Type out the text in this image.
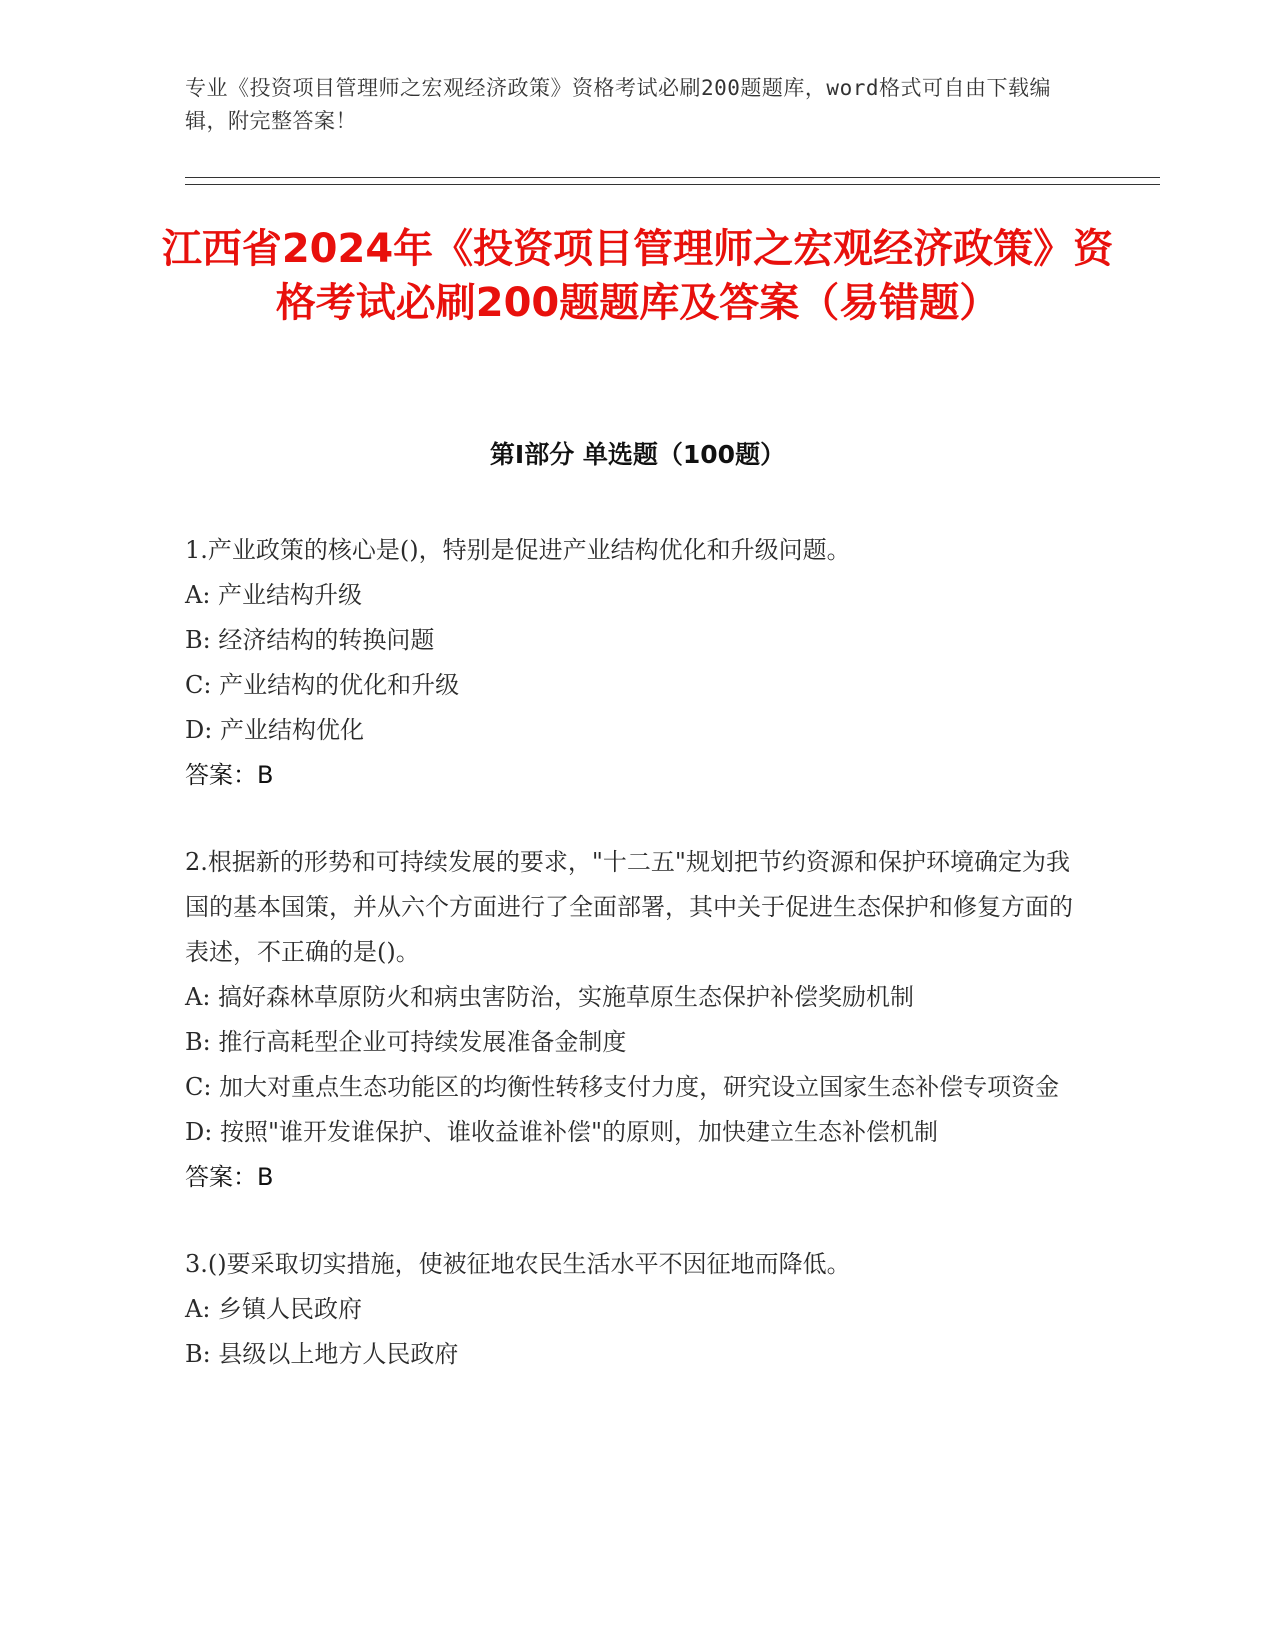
专业《投资项目管理师之宏观经济政策》资格考试必刷200题题库，word格式可自由下载编辑，附完整答案！
江西省2024年《投资项目管理师之宏观经济政策》资格考试必刷200题题库及答案（易错题）
第Ⅰ部分 单选题（100题）

1.产业政策的核心是()，特别是促进产业结构优化和升级问题。

A: 产业结构升级

B: 经济结构的转换问题

C: 产业结构的优化和升级

D: 产业结构优化

答案：B

2.根据新的形势和可持续发展的要求，"十二五"规划把节约资源和保护环境确定为我国的基本国策，并从六个方面进行了全面部署，其中关于促进生态保护和修复方面的表述，不正确的是()。

A: 搞好森林草原防火和病虫害防治，实施草原生态保护补偿奖励机制

B: 推行高耗型企业可持续发展准备金制度

C: 加大对重点生态功能区的均衡性转移支付力度，研究设立国家生态补偿专项资金

D: 按照"谁开发谁保护、谁收益谁补偿"的原则，加快建立生态补偿机制

答案：B

3.()要采取切实措施，使被征地农民生活水平不因征地而降低。

A: 乡镇人民政府

B: 县级以上地方人民政府
